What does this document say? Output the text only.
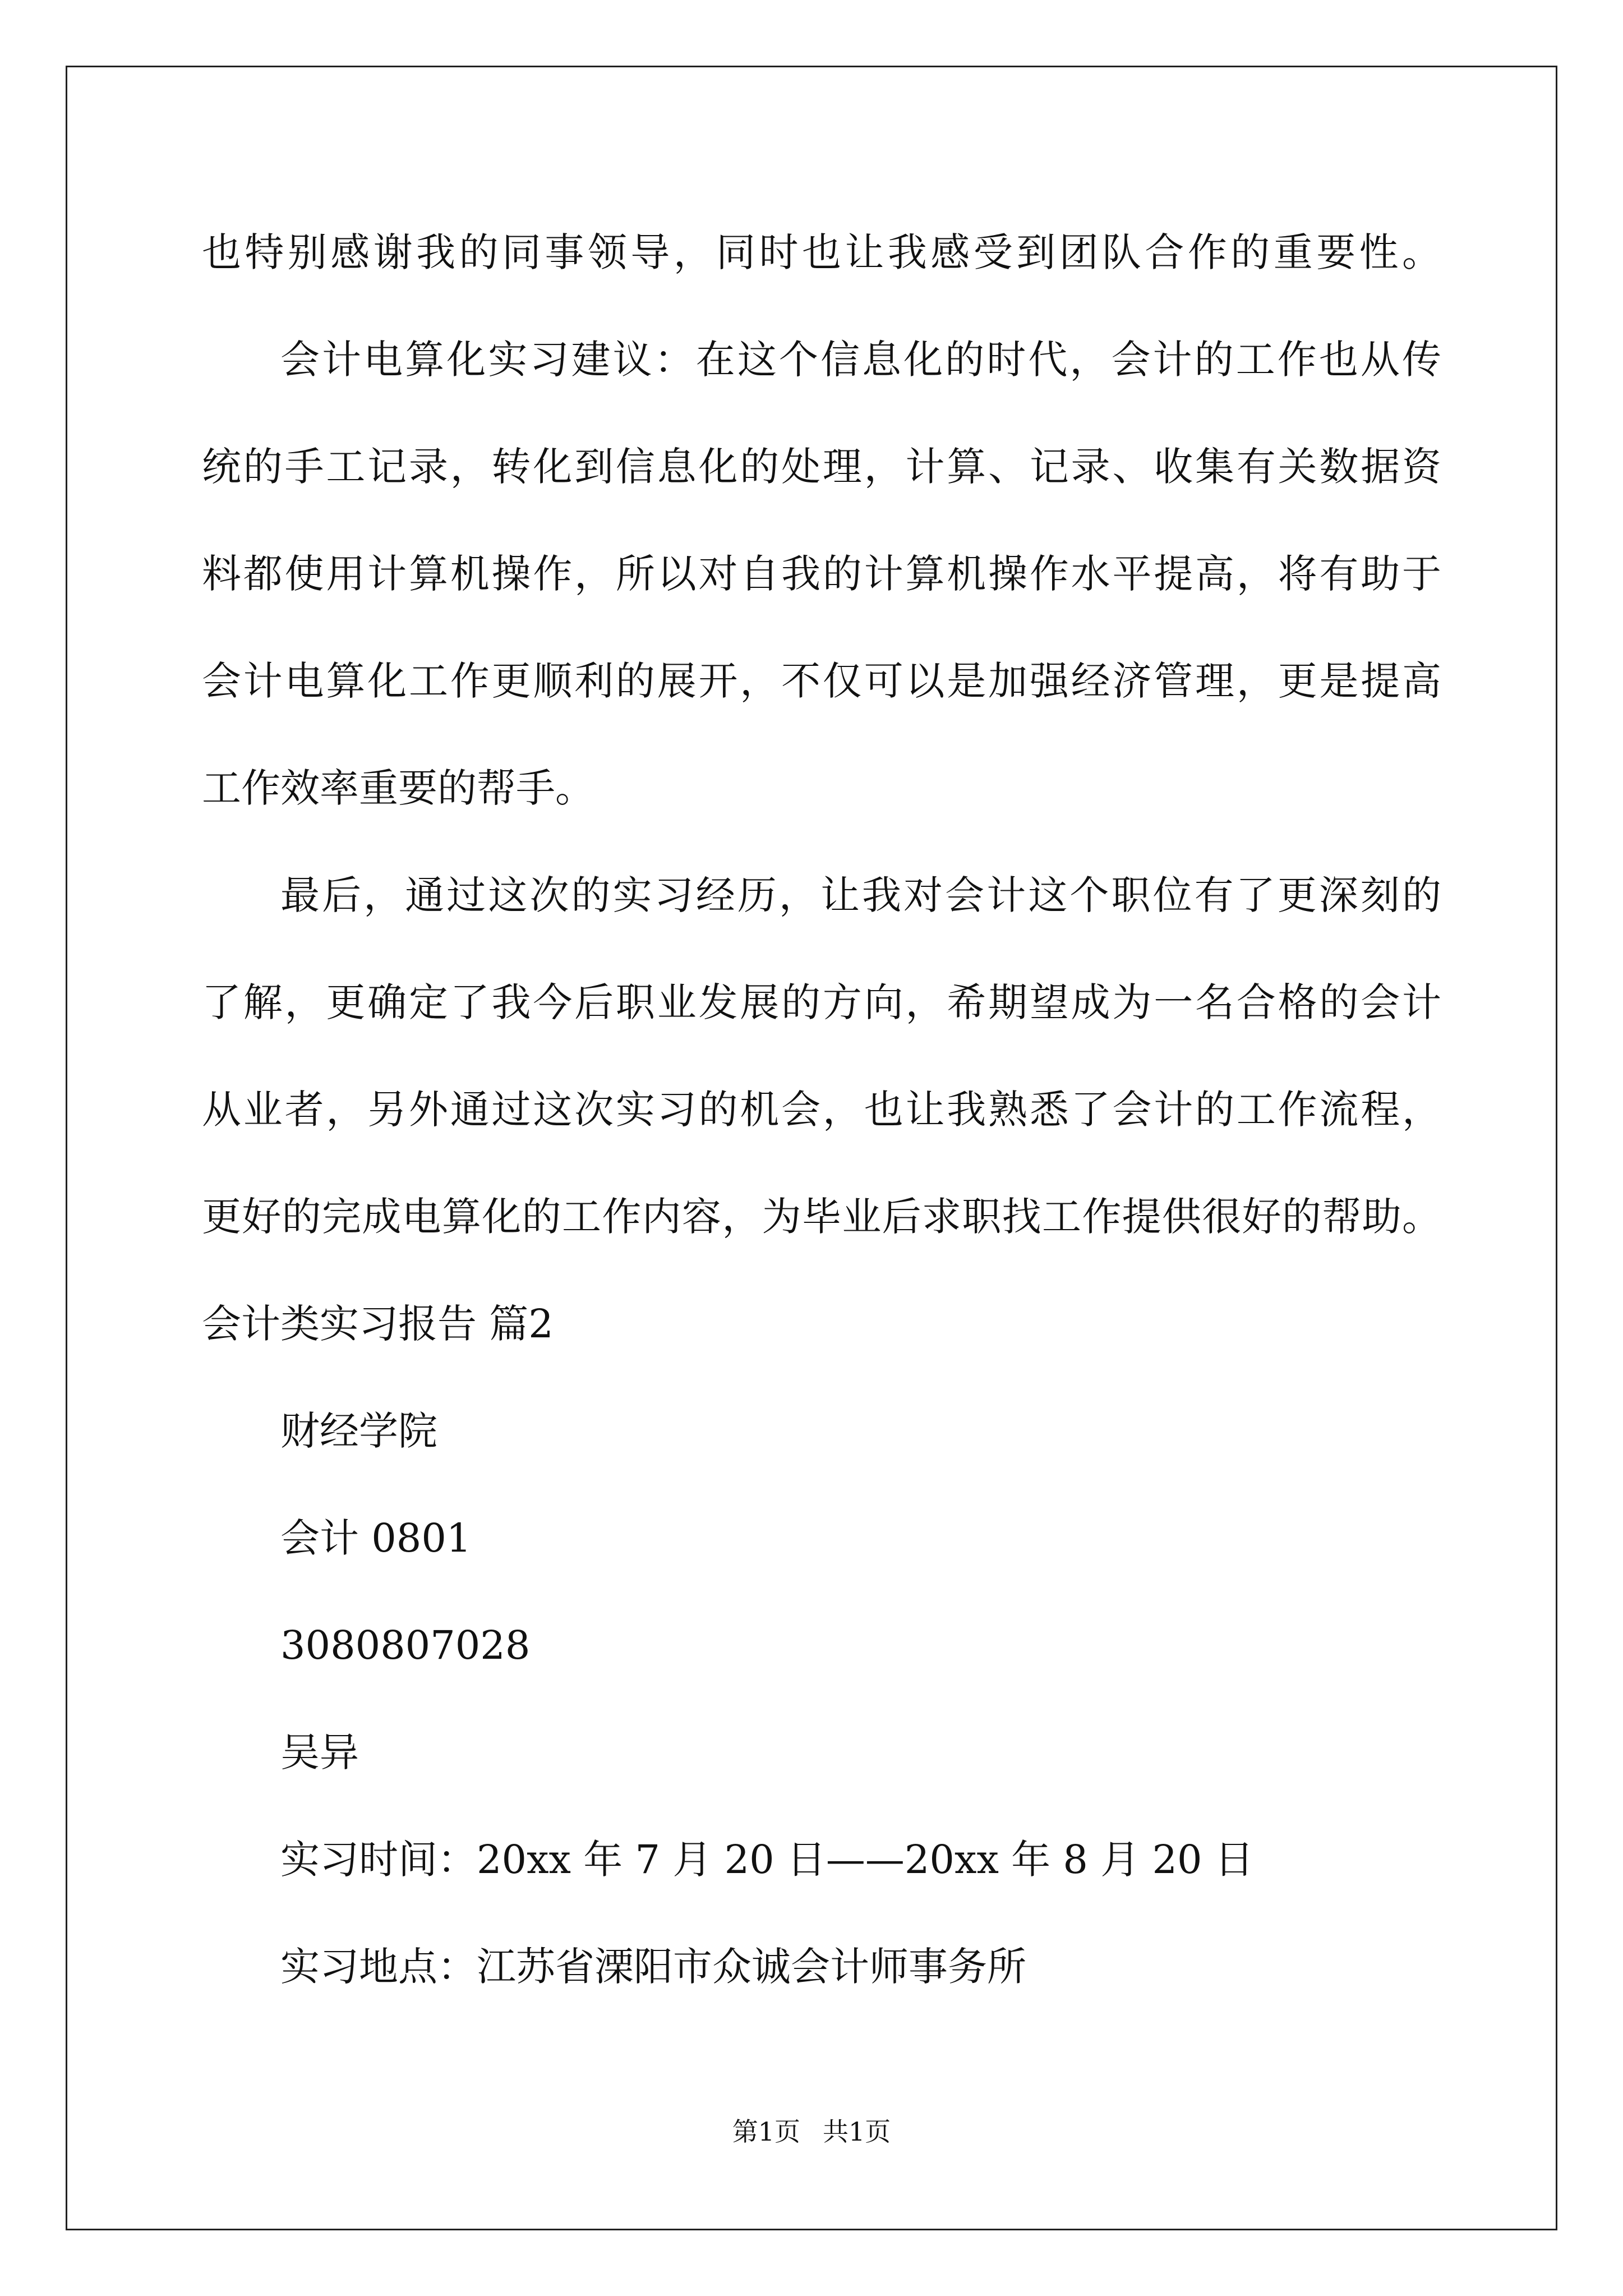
也特别感谢我的同事领导，同时也让我感受到团队合作的重要性。
会计电算化实习建议：在这个信息化的时代，会计的工作也从传
统的手工记录，转化到信息化的处理，计算、记录、收集有关数据资
料都使用计算机操作，所以对自我的计算机操作水平提高，将有助于
会计电算化工作更顺利的展开，不仅可以是加强经济管理，更是提高
工作效率重要的帮手。
最后，通过这次的实习经历，让我对会计这个职位有了更深刻的
了解，更确定了我今后职业发展的方向，希期望成为一名合格的会计
从业者，另外通过这次实习的机会，也让我熟悉了会计的工作流程，
更好的完成电算化的工作内容，为毕业后求职找工作提供很好的帮助。
会计类实习报告 篇2
财经学院
会计 0801
3080807028
吴异
实习时间：20xx 年 7 月 20 日——20xx 年 8 月 20 日
实习地点：江苏省溧阳市众诚会计师事务所
第1页 共1页
